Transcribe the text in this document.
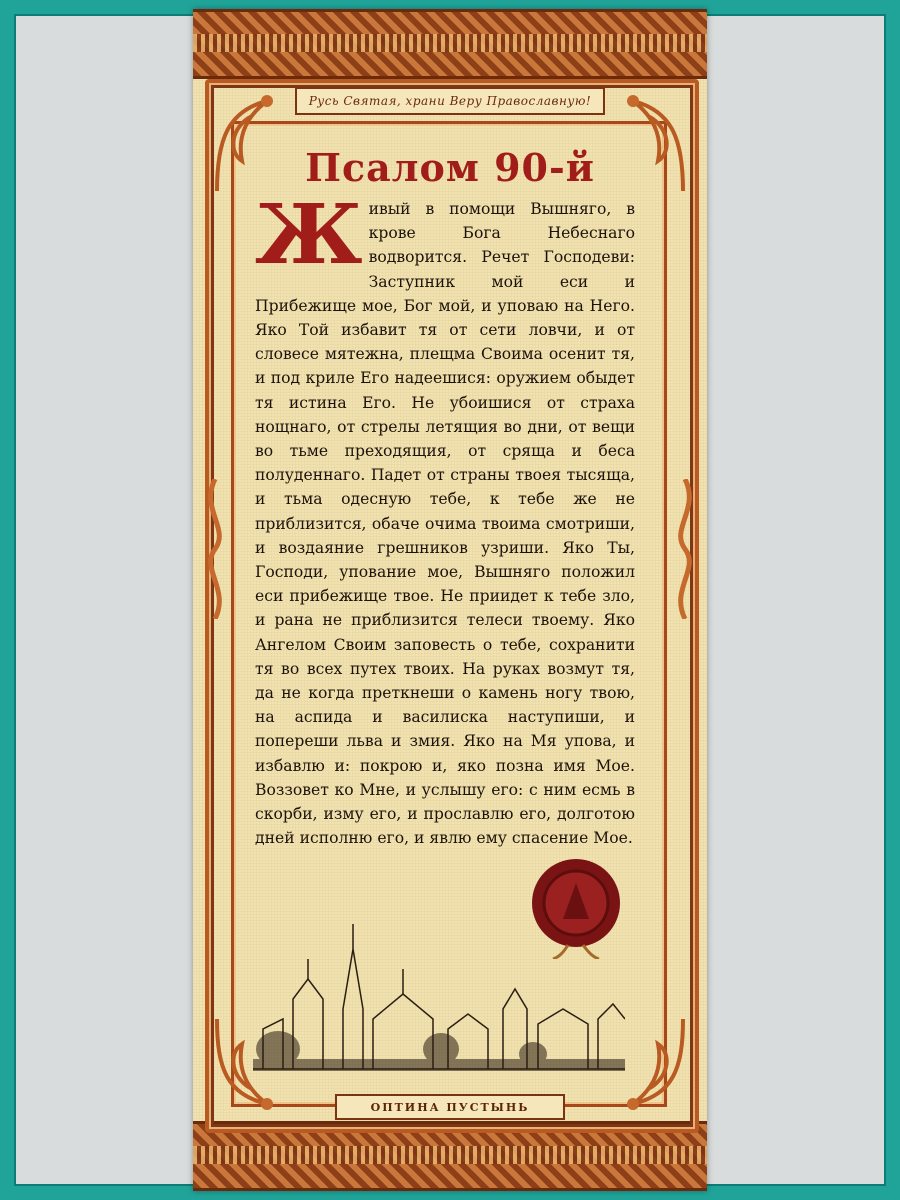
Русь Святая, храни Веру Православную!
Псалом 90-й

Живый в помощи Вышняго, в крове Бога Небеснаго водворится. Речет Господеви: Заступник мой еси и Прибежище мое, Бог мой, и уповаю на Него. Яко Той избавит тя от сети ловчи, и от словесе мятежна, плещма Своима осенит тя, и под криле Его надеешися: оружием обыдет тя истина Его. Не убоишися от страха нощнаго, от стрелы летящия во дни, от вещи во тьме преходящия, от сряща и беса полуденнаго. Падет от страны твоея тысяща, и тьма одесную тебе, к тебе же не приблизится, обаче очима твоима смотриши, и воздаяние грешников узриши. Яко Ты, Господи, упование мое, Вышняго положил еси прибежище твое. Не приидет к тебе зло, и рана не приблизится телеси твоему. Яко Ангелом Своим заповесть о тебе, сохранити тя во всех путех твоих. На руках возмут тя, да не когда преткнеши о камень ногу твою, на аспида и василиска наступиши, и попереши льва и змия. Яко на Мя упова, и избавлю и: покрою и, яко позна имя Мое. Воззовет ко Мне, и услышу его: с ним есмь в скорби, изму его, и прославлю его, долготою дней исполню его, и явлю ему спасение Мое.

ОПТИНА ПУСТЫНЬ
